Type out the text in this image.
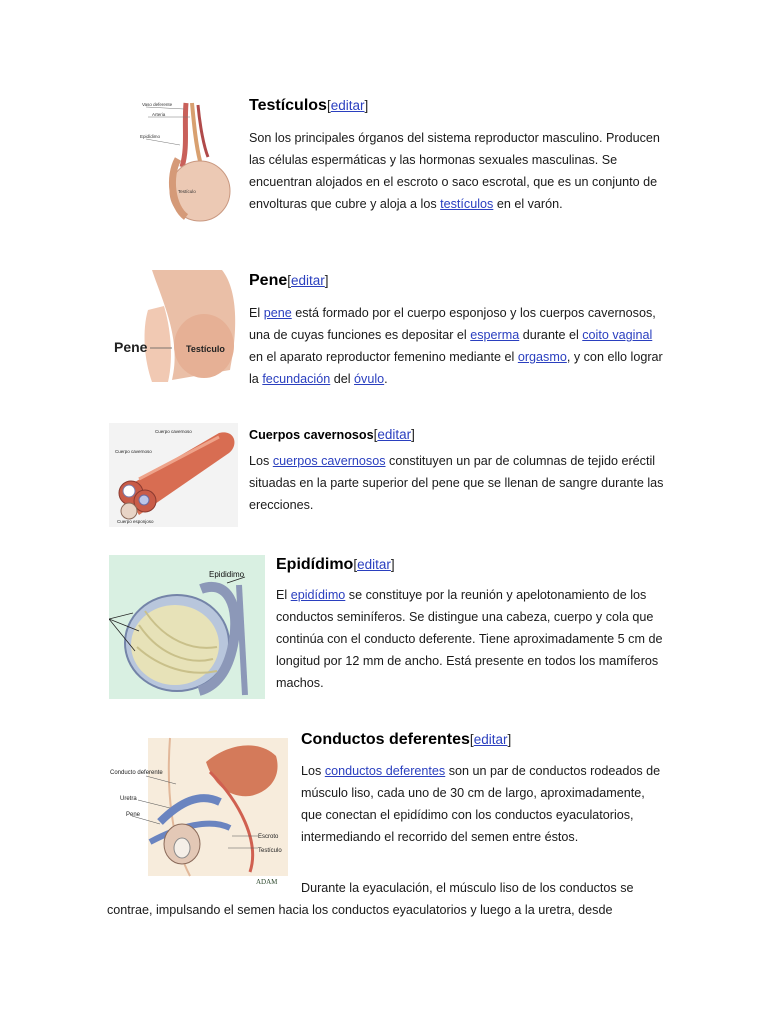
Vaso deferente
Arteria
Epidídimo
Testículo
Testículos[editar]

Son los principales órganos del sistema reproductor masculino. Producen las células espermáticas y las hormonas sexuales masculinas. Se encuentran alojados en el escroto o saco escrotal, que es un conjunto de envolturas que cubre y aloja a los testículos en el varón.

Pene	Testículo
Pene[editar]

El pene está formado por el cuerpo esponjoso y los cuerpos cavernosos, una de cuyas funciones es depositar el esperma durante el coito vaginal en el aparato reproductor femenino mediante el orgasmo, y con ello lograr la fecundación del óvulo.

Cuerpo cavernoso
Cuerpo cavernoso
Cuerpo esponjoso
Cuerpos cavernosos[editar]

Los cuerpos cavernosos constituyen un par de columnas de tejido eréctil situadas en la parte superior del pene que se llenan de sangre durante las erecciones.

Epididimo
Epidídimo[editar]

El epidídimo se constituye por la reunión y apelotonamiento de los conductos seminíferos. Se distingue una cabeza, cuerpo y cola que continúa con el conducto deferente. Tiene aproximadamente 5 cm de longitud por 12 mm de ancho. Está presente en todos los mamíferos machos.

Conducto deferente
Uretra
Pene
Escroto
Testículo
ADAM
Conductos deferentes[editar]

Los conductos deferentes son un par de conductos rodeados de músculo liso, cada uno de 30 cm de largo, aproximadamente, que conectan el epidídimo con los conductos eyaculatorios, intermediando el recorrido del semen entre éstos.

Durante la eyaculación, el músculo liso de los conductos se contrae, impulsando el semen hacia los conductos eyaculatorios y luego a la uretra, desde
